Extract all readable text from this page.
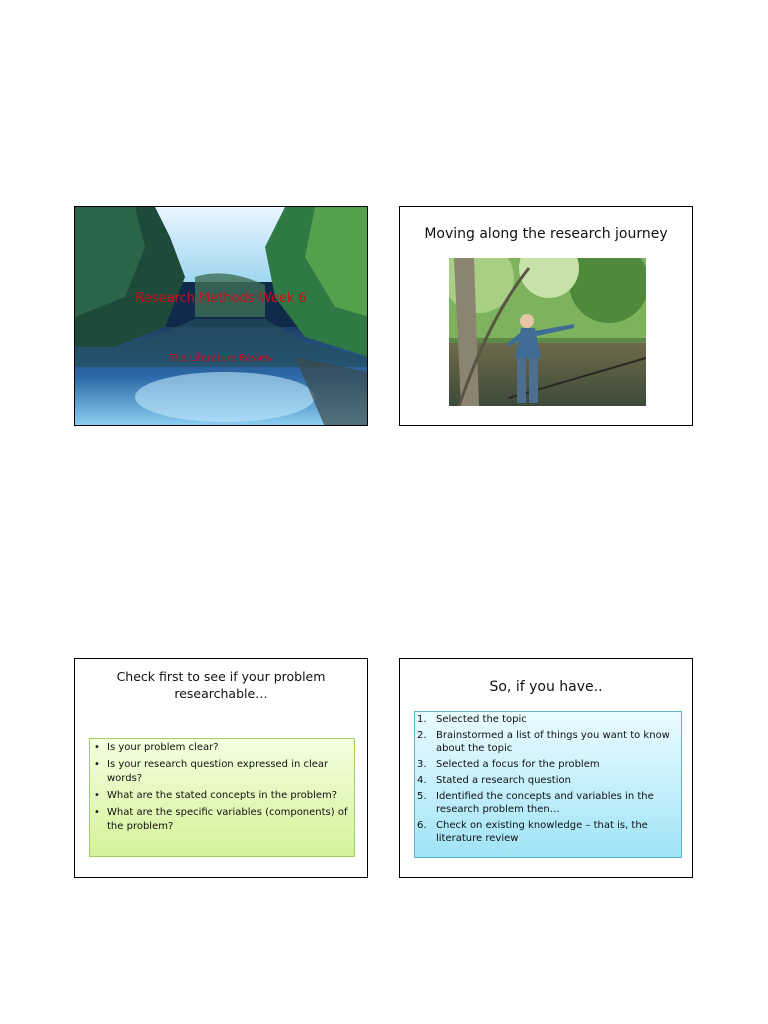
Research Methods Week 6
The Literature Review
Moving along the research journey
Check first to see if your problem researchable…
• Is your problem clear?
• Is your research question expressed in clear words?
• What are the stated concepts in the problem?
• What are the specific variables (components) of the problem?
So, if you have..
1. Selected the topic
2. Brainstormed a list of things you want to know about the topic
3. Selected a focus for the problem
4. Stated a research question
5. Identified the concepts and variables in the research problem then…
6. Check on existing knowledge – that is, the literature review
